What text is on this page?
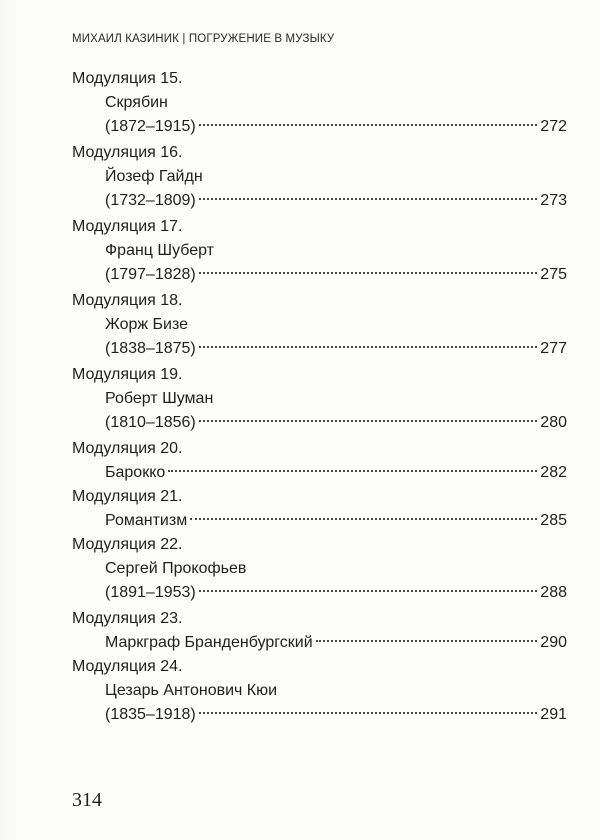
МИХАИЛ КАЗИНИК | ПОГРУЖЕНИЕ В МУЗЫКУ
Модуляция 15.
Скрябин
(1872–1915)	272
Модуляция 16.
Йозеф Гайдн
(1732–1809)	273
Модуляция 17.
Франц Шуберт
(1797–1828)	275
Модуляция 18.
Жорж Бизе
(1838–1875)	277
Модуляция 19.
Роберт Шуман
(1810–1856)	280
Модуляция 20.
Барокко	282
Модуляция 21.
Романтизм	285
Модуляция 22.
Сергей Прокофьев
(1891–1953)	288
Модуляция 23.
Маркграф Бранденбургский	290
Модуляция 24.
Цезарь Антонович Кюи
(1835–1918)	291
314
